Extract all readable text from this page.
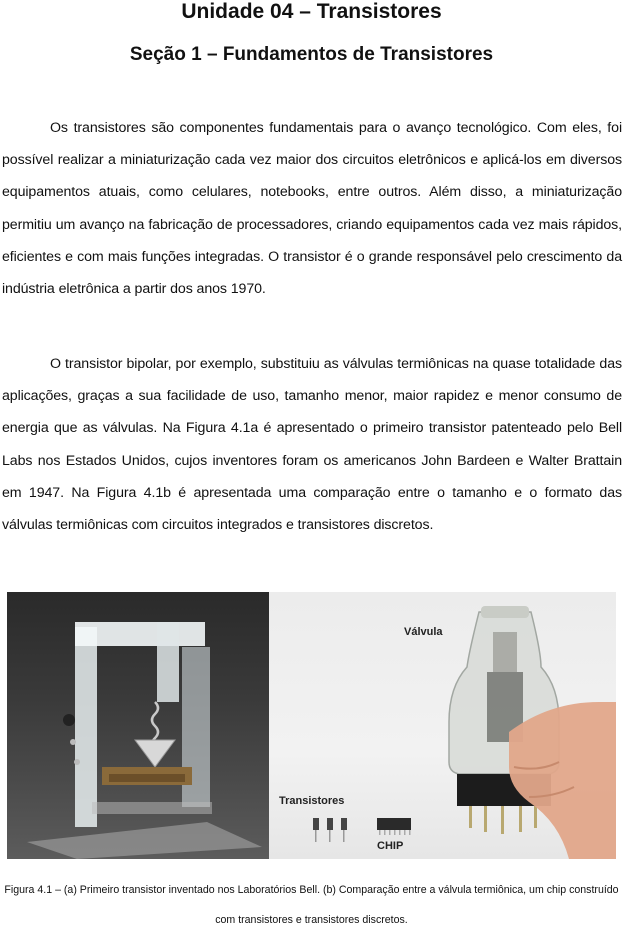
Unidade 04 – Transistores
Seção 1 – Fundamentos de Transistores

Os transistores são componentes fundamentais para o avanço tecnológico. Com eles, foi possível realizar a miniaturização cada vez maior dos circuitos eletrônicos e aplicá-los em diversos equipamentos atuais, como celulares, notebooks, entre outros. Além disso, a miniaturização permitiu um avanço na fabricação de processadores, criando equipamentos cada vez mais rápidos, eficientes e com mais funções integradas. O transistor é o grande responsável pelo crescimento da indústria eletrônica a partir dos anos 1970.

O transistor bipolar, por exemplo, substituiu as válvulas termiônicas na quase totalidade das aplicações, graças a sua facilidade de uso, tamanho menor, maior rapidez e menor consumo de energia que as válvulas. Na Figura 4.1a é apresentado o primeiro transistor patenteado pelo Bell Labs nos Estados Unidos, cujos inventores foram os americanos John Bardeen e Walter Brattain em 1947. Na Figura 4.1b é apresentada uma comparação entre o tamanho e o formato das válvulas termiônicas com circuitos integrados e transistores discretos.

Válvula
Transistores
CHIP

Figura 4.1 – (a) Primeiro transistor inventado nos Laboratórios Bell. (b) Comparação entre a válvula termiônica, um chip construído com transistores e transistores discretos.
